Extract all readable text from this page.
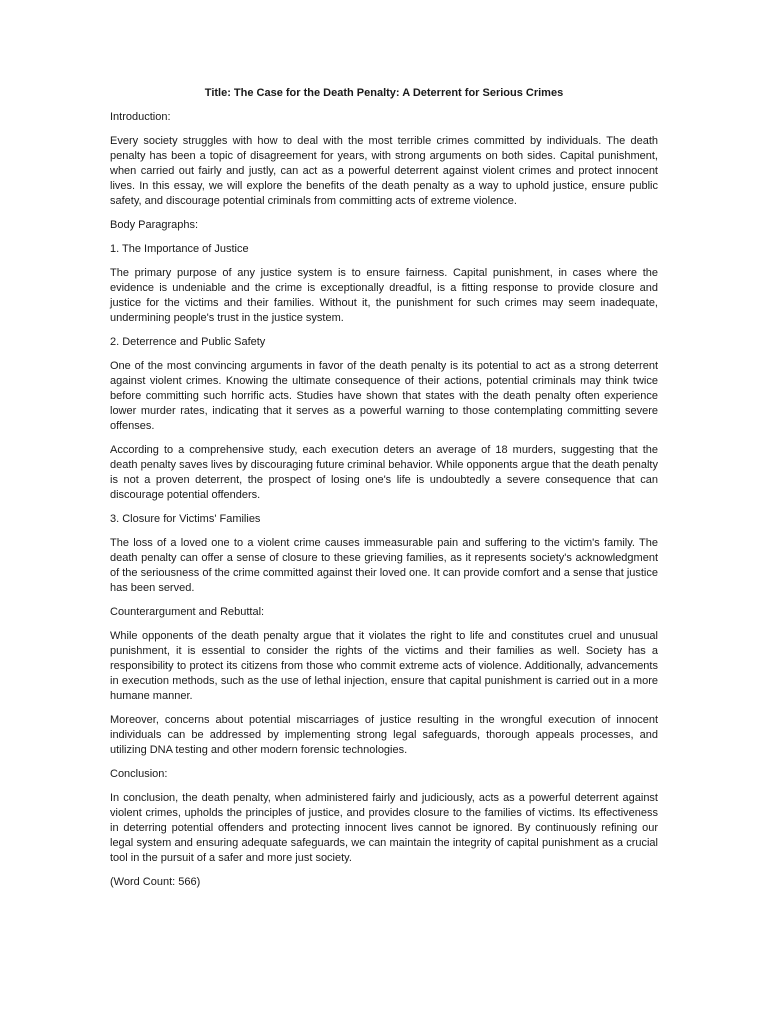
Title: The Case for the Death Penalty: A Deterrent for Serious Crimes
Introduction:
Every society struggles with how to deal with the most terrible crimes committed by individuals. The death penalty has been a topic of disagreement for years, with strong arguments on both sides. Capital punishment, when carried out fairly and justly, can act as a powerful deterrent against violent crimes and protect innocent lives. In this essay, we will explore the benefits of the death penalty as a way to uphold justice, ensure public safety, and discourage potential criminals from committing acts of extreme violence.
Body Paragraphs:
1. The Importance of Justice
The primary purpose of any justice system is to ensure fairness. Capital punishment, in cases where the evidence is undeniable and the crime is exceptionally dreadful, is a fitting response to provide closure and justice for the victims and their families. Without it, the punishment for such crimes may seem inadequate, undermining people's trust in the justice system.
2. Deterrence and Public Safety
One of the most convincing arguments in favor of the death penalty is its potential to act as a strong deterrent against violent crimes. Knowing the ultimate consequence of their actions, potential criminals may think twice before committing such horrific acts. Studies have shown that states with the death penalty often experience lower murder rates, indicating that it serves as a powerful warning to those contemplating committing severe offenses.
According to a comprehensive study, each execution deters an average of 18 murders, suggesting that the death penalty saves lives by discouraging future criminal behavior. While opponents argue that the death penalty is not a proven deterrent, the prospect of losing one's life is undoubtedly a severe consequence that can discourage potential offenders.
3. Closure for Victims' Families
The loss of a loved one to a violent crime causes immeasurable pain and suffering to the victim's family. The death penalty can offer a sense of closure to these grieving families, as it represents society's acknowledgment of the seriousness of the crime committed against their loved one. It can provide comfort and a sense that justice has been served.
Counterargument and Rebuttal:
While opponents of the death penalty argue that it violates the right to life and constitutes cruel and unusual punishment, it is essential to consider the rights of the victims and their families as well. Society has a responsibility to protect its citizens from those who commit extreme acts of violence. Additionally, advancements in execution methods, such as the use of lethal injection, ensure that capital punishment is carried out in a more humane manner.
Moreover, concerns about potential miscarriages of justice resulting in the wrongful execution of innocent individuals can be addressed by implementing strong legal safeguards, thorough appeals processes, and utilizing DNA testing and other modern forensic technologies.
Conclusion:
In conclusion, the death penalty, when administered fairly and judiciously, acts as a powerful deterrent against violent crimes, upholds the principles of justice, and provides closure to the families of victims. Its effectiveness in deterring potential offenders and protecting innocent lives cannot be ignored. By continuously refining our legal system and ensuring adequate safeguards, we can maintain the integrity of capital punishment as a crucial tool in the pursuit of a safer and more just society.
(Word Count: 566)
